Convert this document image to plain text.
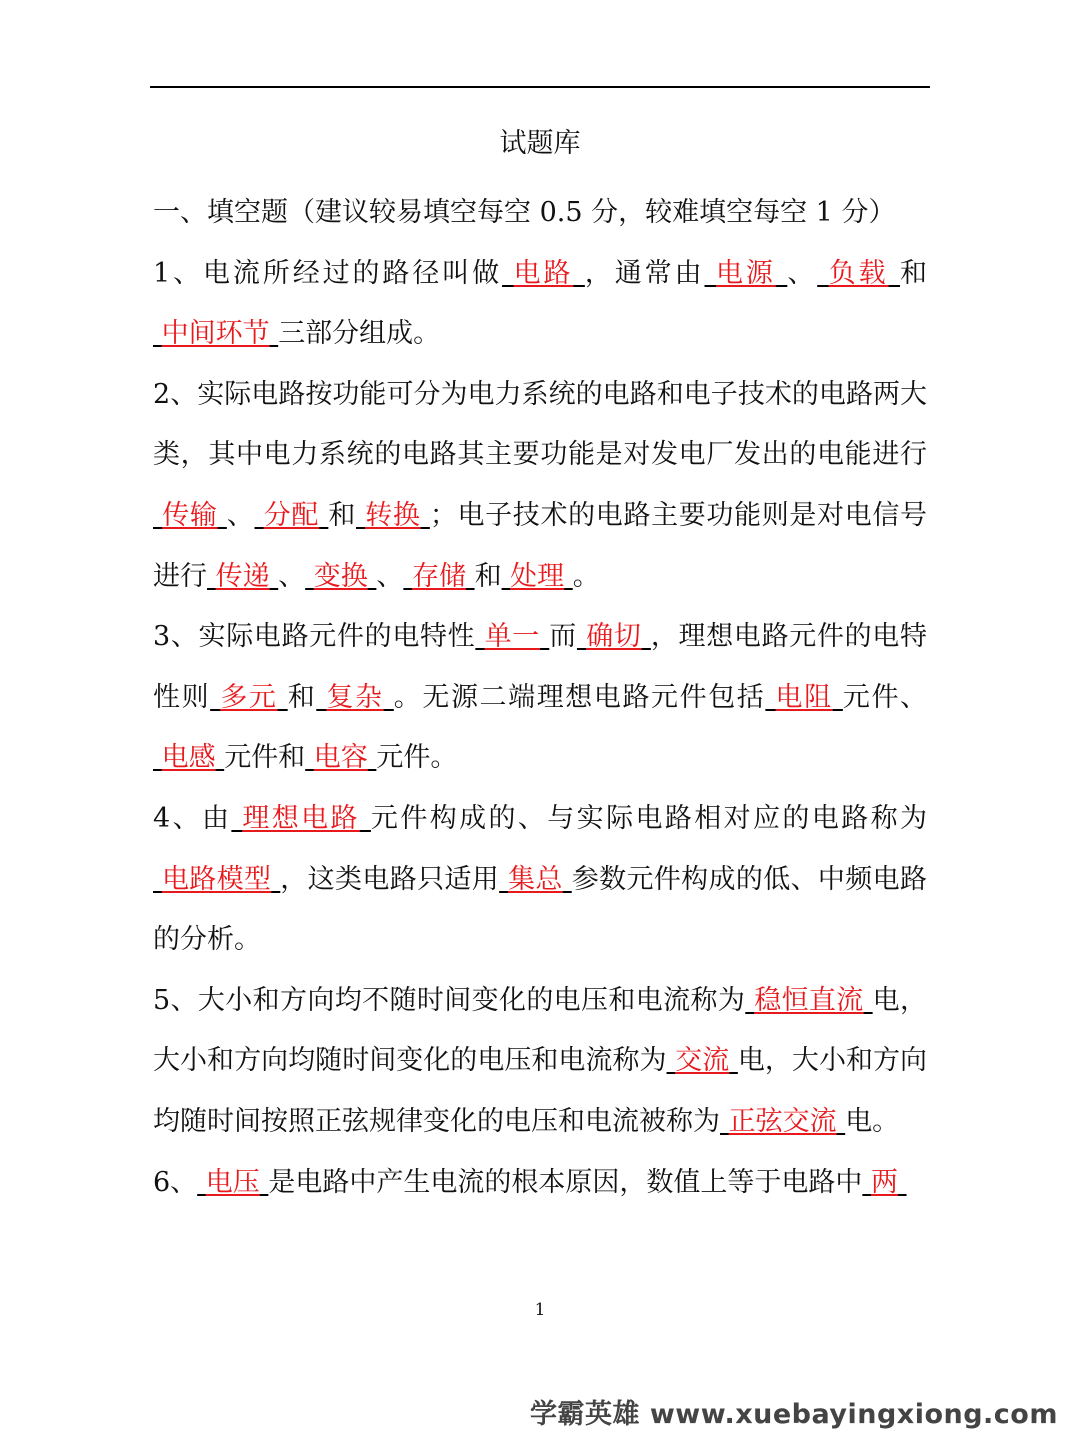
试题库

一、填空题（建议较易填空每空 0.5 分，较难填空每空 1 分）

1、电流所经过的路径叫做 电路 ，通常由 电源 、 负载 和 中间环节 三部分组成。

2、实际电路按功能可分为电力系统的电路和电子技术的电路两大类，其中电力系统的电路其主要功能是对发电厂发出的电能进行 传输 、 分配 和 转换 ；电子技术的电路主要功能则是对电信号进行 传递 、 变换 、 存储 和 处理 。

3、实际电路元件的电特性 单一 而 确切 ，理想电路元件的电特性则 多元 和 复杂 。无源二端理想电路元件包括 电阻 元件、 电感 元件和 电容 元件。

4、由 理想电路 元件构成的、与实际电路相对应的电路称为 电路模型 ，这类电路只适用 集总 参数元件构成的低、中频电路的分析。

5、大小和方向均不随时间变化的电压和电流称为 稳恒直流 电，大小和方向均随时间变化的电压和电流称为 交流 电，大小和方向均随时间按照正弦规律变化的电压和电流被称为 正弦交流 电。

6、 电压 是电路中产生电流的根本原因，数值上等于电路中 两

1
学霸英雄 www.xuebayingxiong.com
